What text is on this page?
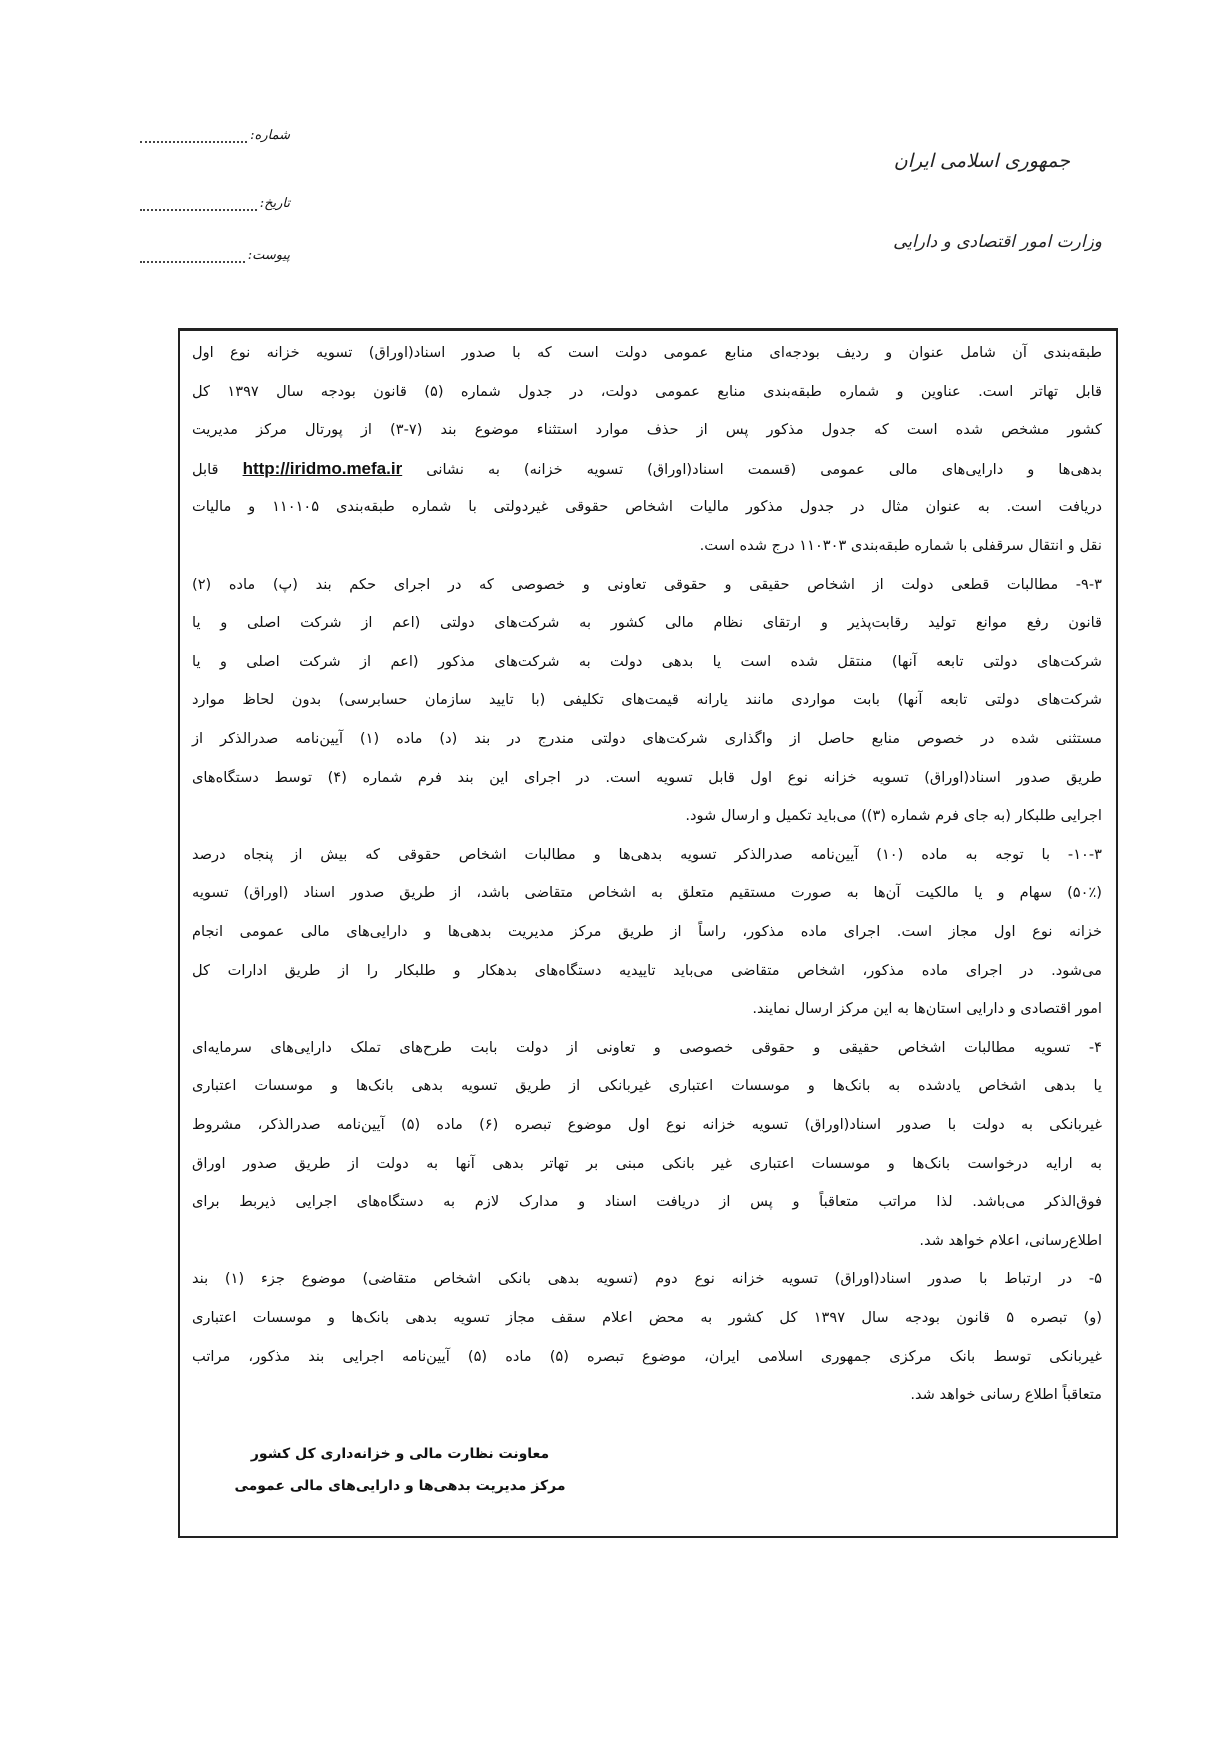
جمهوری اسلامی ایران
وزارت امور اقتصادی و دارایی
شماره
:
تاریخ
:
پیوست
:
طبقه‌بندی آن شامل عنوان و ردیف بودجه‌ای منابع عمومی دولت است که با صدور اسناد(اوراق) تسویه خزانه نوع اول
قابل تهاتر است. عناوین و شماره طبقه‌بندی منابع عمومی دولت، در جدول شماره (۵) قانون بودجه سال ۱۳۹۷ کل
کشور مشخص شده است که جدول مذکور پس از حذف موارد استثناء موضوع بند (۷-۳) از پورتال مرکز مدیریت
بدهی‌ها و دارایی‌های مالی عمومی (قسمت اسناد(اوراق) تسویه خزانه) به نشانی http://iridmo.mefa.ir قابل
دریافت است. به عنوان مثال در جدول مذکور مالیات اشخاص حقوقی غیردولتی با شماره طبقه‌بندی ۱۱۰۱۰۵ و مالیات
نقل و انتقال سرقفلی با شماره طبقه‌بندی ۱۱۰۳۰۳ درج شده است.
۹-۳- مطالبات قطعی دولت از اشخاص حقیقی و حقوقی تعاونی و خصوصی که در اجرای حکم بند (پ) ماده (۲)
قانون رفع موانع تولید رقابت‌پذیر و ارتقای نظام مالی کشور به شرکت‌های دولتی (اعم از شرکت اصلی و یا
شرکت‌های دولتی تابعه آنها) منتقل شده است یا بدهی دولت به شرکت‌های مذکور (اعم از شرکت اصلی و یا
شرکت‌های دولتی تابعه آنها) بابت مواردی مانند یارانه قیمت‌های تکلیفی (با تایید سازمان حسابرسی) بدون لحاظ موارد
مستثنی شده در خصوص منابع حاصل از واگذاری شرکت‌های دولتی مندرج در بند (د) ماده (۱) آیین‌نامه صدرالذکر از
طریق صدور اسناد(اوراق) تسویه خزانه نوع اول قابل تسویه است. در اجرای این بند فرم شماره (۴) توسط دستگاه‌های
اجرایی طلبکار (به جای فرم شماره (۳)) می‌باید تکمیل و ارسال شود.
۱۰-۳- با توجه به ماده (۱۰) آیین‌نامه صدرالذکر تسویه بدهی‌ها و مطالبات اشخاص حقوقی که بیش از پنجاه درصد
(۵۰٪) سهام و یا مالکیت آن‌ها به صورت مستقیم متعلق به اشخاص متقاضی باشد، از طریق صدور اسناد (اوراق) تسویه
خزانه نوع اول مجاز است. اجرای ماده مذکور، راساً از طریق مرکز مدیریت بدهی‌ها و دارایی‌های مالی عمومی انجام
می‌شود. در اجرای ماده مذکور، اشخاص متقاضی می‌باید تاییدیه دستگاه‌های بدهکار و طلبکار را از طریق ادارات کل
امور اقتصادی و دارایی استان‌ها به این مرکز ارسال نمایند.
۴- تسویه مطالبات اشخاص حقیقی و حقوقی خصوصی و تعاونی از دولت بابت طرح‌های تملک دارایی‌های سرمایه‌ای
یا بدهی اشخاص یادشده به بانک‌ها و موسسات اعتباری غیربانکی از طریق تسویه بدهی بانک‌ها و موسسات اعتباری
غیربانکی به دولت با صدور اسناد(اوراق) تسویه خزانه نوع اول موضوع تبصره (۶) ماده (۵) آیین‌نامه صدرالذکر، مشروط
به ارایه درخواست بانک‌ها و موسسات اعتباری غیر بانکی مبنی بر تهاتر بدهی آنها به دولت از طریق صدور اوراق
فوق‌الذکر می‌باشد. لذا مراتب متعاقباً و پس از دریافت اسناد و مدارک لازم به دستگاه‌های اجرایی ذیربط برای
اطلاع‌رسانی، اعلام خواهد شد.
۵- در ارتباط با صدور اسناد(اوراق) تسویه خزانه نوع دوم (تسویه بدهی بانکی اشخاص متقاضی) موضوع جزء (۱) بند
(و) تبصره ۵ قانون بودجه سال ۱۳۹۷ کل کشور به محض اعلام سقف مجاز تسویه بدهی بانک‌ها و موسسات اعتباری
غیربانکی توسط بانک مرکزی جمهوری اسلامی ایران، موضوع تبصره (۵) ماده (۵) آیین‌نامه اجرایی بند مذکور، مراتب
متعاقباً اطلاع رسانی خواهد شد.
معاونت نظارت مالی و خزانه‌داری کل کشور
مرکز مدیریت بدهی‌ها و دارایی‌های مالی عمومی
